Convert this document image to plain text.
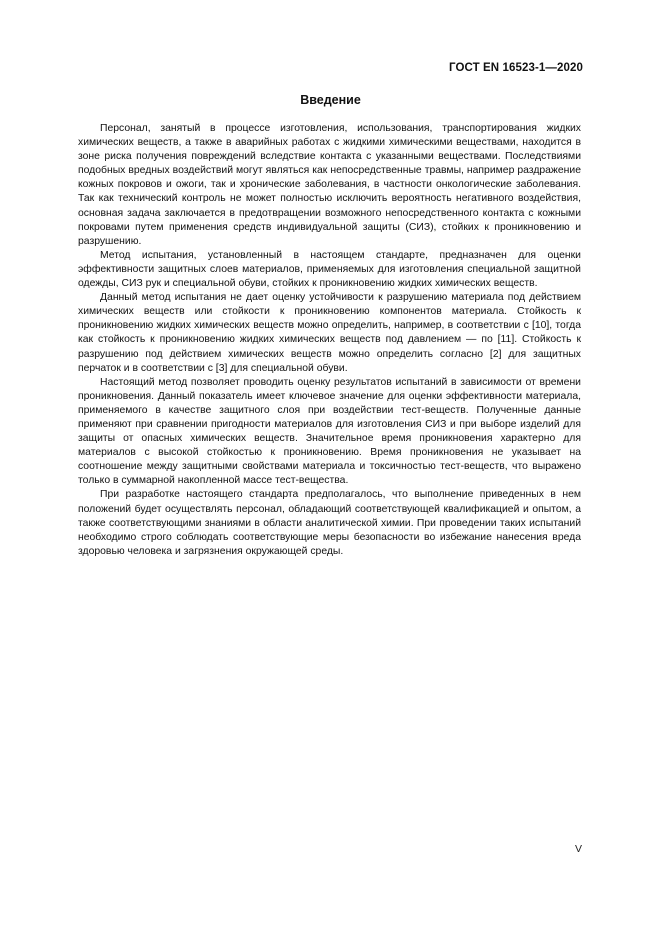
ГОСТ EN 16523-1—2020
Введение

Персонал, занятый в процессе изготовления, использования, транспортирования жидких химических веществ, а также в аварийных работах с жидкими химическими веществами, находится в зоне риска получения повреждений вследствие контакта с указанными веществами. Последствиями подобных вредных воздействий могут являться как непосредственные травмы, например раздражение кожных покровов и ожоги, так и хронические заболевания, в частности онкологические заболевания. Так как технический контроль не может полностью исключить вероятность негативного воздействия, основная задача заключается в предотвращении возможного непосредственного контакта с кожными покровами путем применения средств индивидуальной защиты (СИЗ), стойких к проникновению и разрушению.

Метод испытания, установленный в настоящем стандарте, предназначен для оценки эффективности защитных слоев материалов, применяемых для изготовления специальной защитной одежды, СИЗ рук и специальной обуви, стойких к проникновению жидких химических веществ.

Данный метод испытания не дает оценку устойчивости к разрушению материала под действием химических веществ или стойкости к проникновению компонентов материала. Стойкость к проникновению жидких химических веществ можно определить, например, в соответствии с [10], тогда как стойкость к проникновению жидких химических веществ под давлением — по [11]. Стойкость к разрушению под действием химических веществ можно определить согласно [2] для защитных перчаток и в соответствии с [3] для специальной обуви.

Настоящий метод позволяет проводить оценку результатов испытаний в зависимости от времени проникновения. Данный показатель имеет ключевое значение для оценки эффективности материала, применяемого в качестве защитного слоя при воздействии тест-веществ. Полученные данные применяют при сравнении пригодности материалов для изготовления СИЗ и при выборе изделий для защиты от опасных химических веществ. Значительное время проникновения характерно для материалов с высокой стойкостью к проникновению. Время проникновения не указывает на соотношение между защитными свойствами материала и токсичностью тест-веществ, что выражено только в суммарной накопленной массе тест-вещества.

При разработке настоящего стандарта предполагалось, что выполнение приведенных в нем положений будет осуществлять персонал, обладающий соответствующей квалификацией и опытом, а также соответствующими знаниями в области аналитической химии. При проведении таких испытаний необходимо строго соблюдать соответствующие меры безопасности во избежание нанесения вреда здоровью человека и загрязнения окружающей среды.

V
